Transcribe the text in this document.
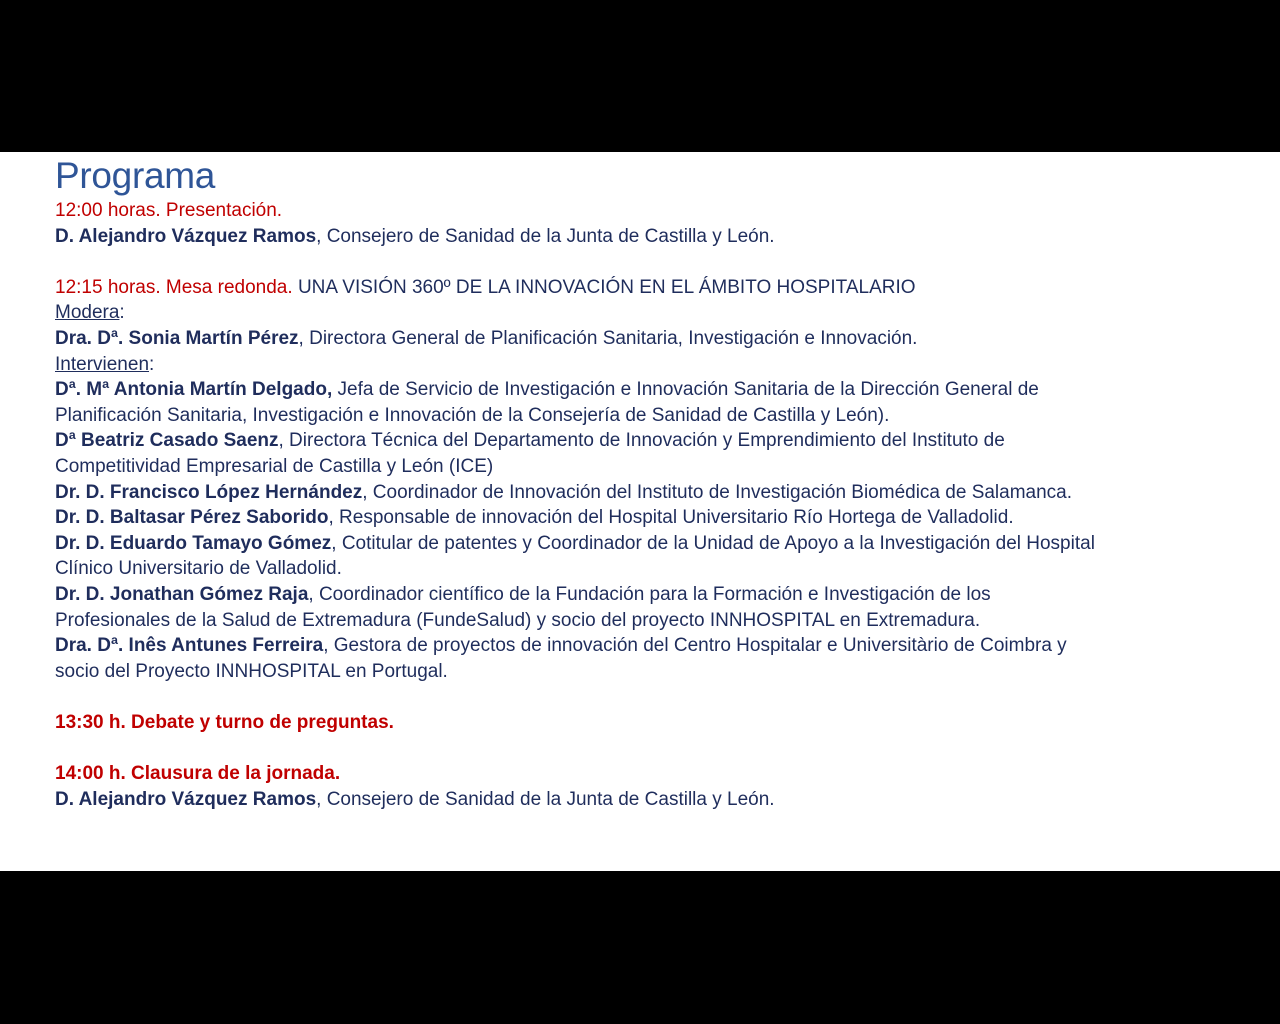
Programa
12:00 horas. Presentación.
D. Alejandro Vázquez Ramos, Consejero de Sanidad de la Junta de Castilla y León.
12:15 horas. Mesa redonda. UNA VISIÓN 360º DE LA INNOVACIÓN EN EL ÁMBITO HOSPITALARIO
Modera:
Dra. Dª. Sonia Martín Pérez, Directora General de Planificación Sanitaria, Investigación e Innovación.
Intervienen:
Dª. Mª Antonia Martín Delgado, Jefa de Servicio de Investigación e Innovación Sanitaria de la Dirección General de
Planificación Sanitaria, Investigación e Innovación de la Consejería de Sanidad de Castilla y León).
Dª Beatriz Casado Saenz, Directora Técnica del Departamento de Innovación y Emprendimiento del Instituto de
Competitividad Empresarial de Castilla y León (ICE)
Dr. D. Francisco López Hernández, Coordinador de Innovación del Instituto de Investigación Biomédica de Salamanca.
Dr. D. Baltasar Pérez Saborido, Responsable de innovación del Hospital Universitario Río Hortega de Valladolid.
Dr. D. Eduardo Tamayo Gómez, Cotitular de patentes y Coordinador de la Unidad de Apoyo a la Investigación del Hospital
Clínico Universitario de Valladolid.
Dr. D. Jonathan Gómez Raja, Coordinador científico de la Fundación para la Formación e Investigación de los
Profesionales de la Salud de Extremadura (FundeSalud) y socio del proyecto INNHOSPITAL en Extremadura.
Dra. Dª. Inês Antunes Ferreira, Gestora de proyectos de innovación del Centro Hospitalar e Universitàrio de Coimbra y
socio del Proyecto INNHOSPITAL en Portugal.
13:30 h. Debate y turno de preguntas.
14:00 h. Clausura de la jornada.
D. Alejandro Vázquez Ramos, Consejero de Sanidad de la Junta de Castilla y León.
